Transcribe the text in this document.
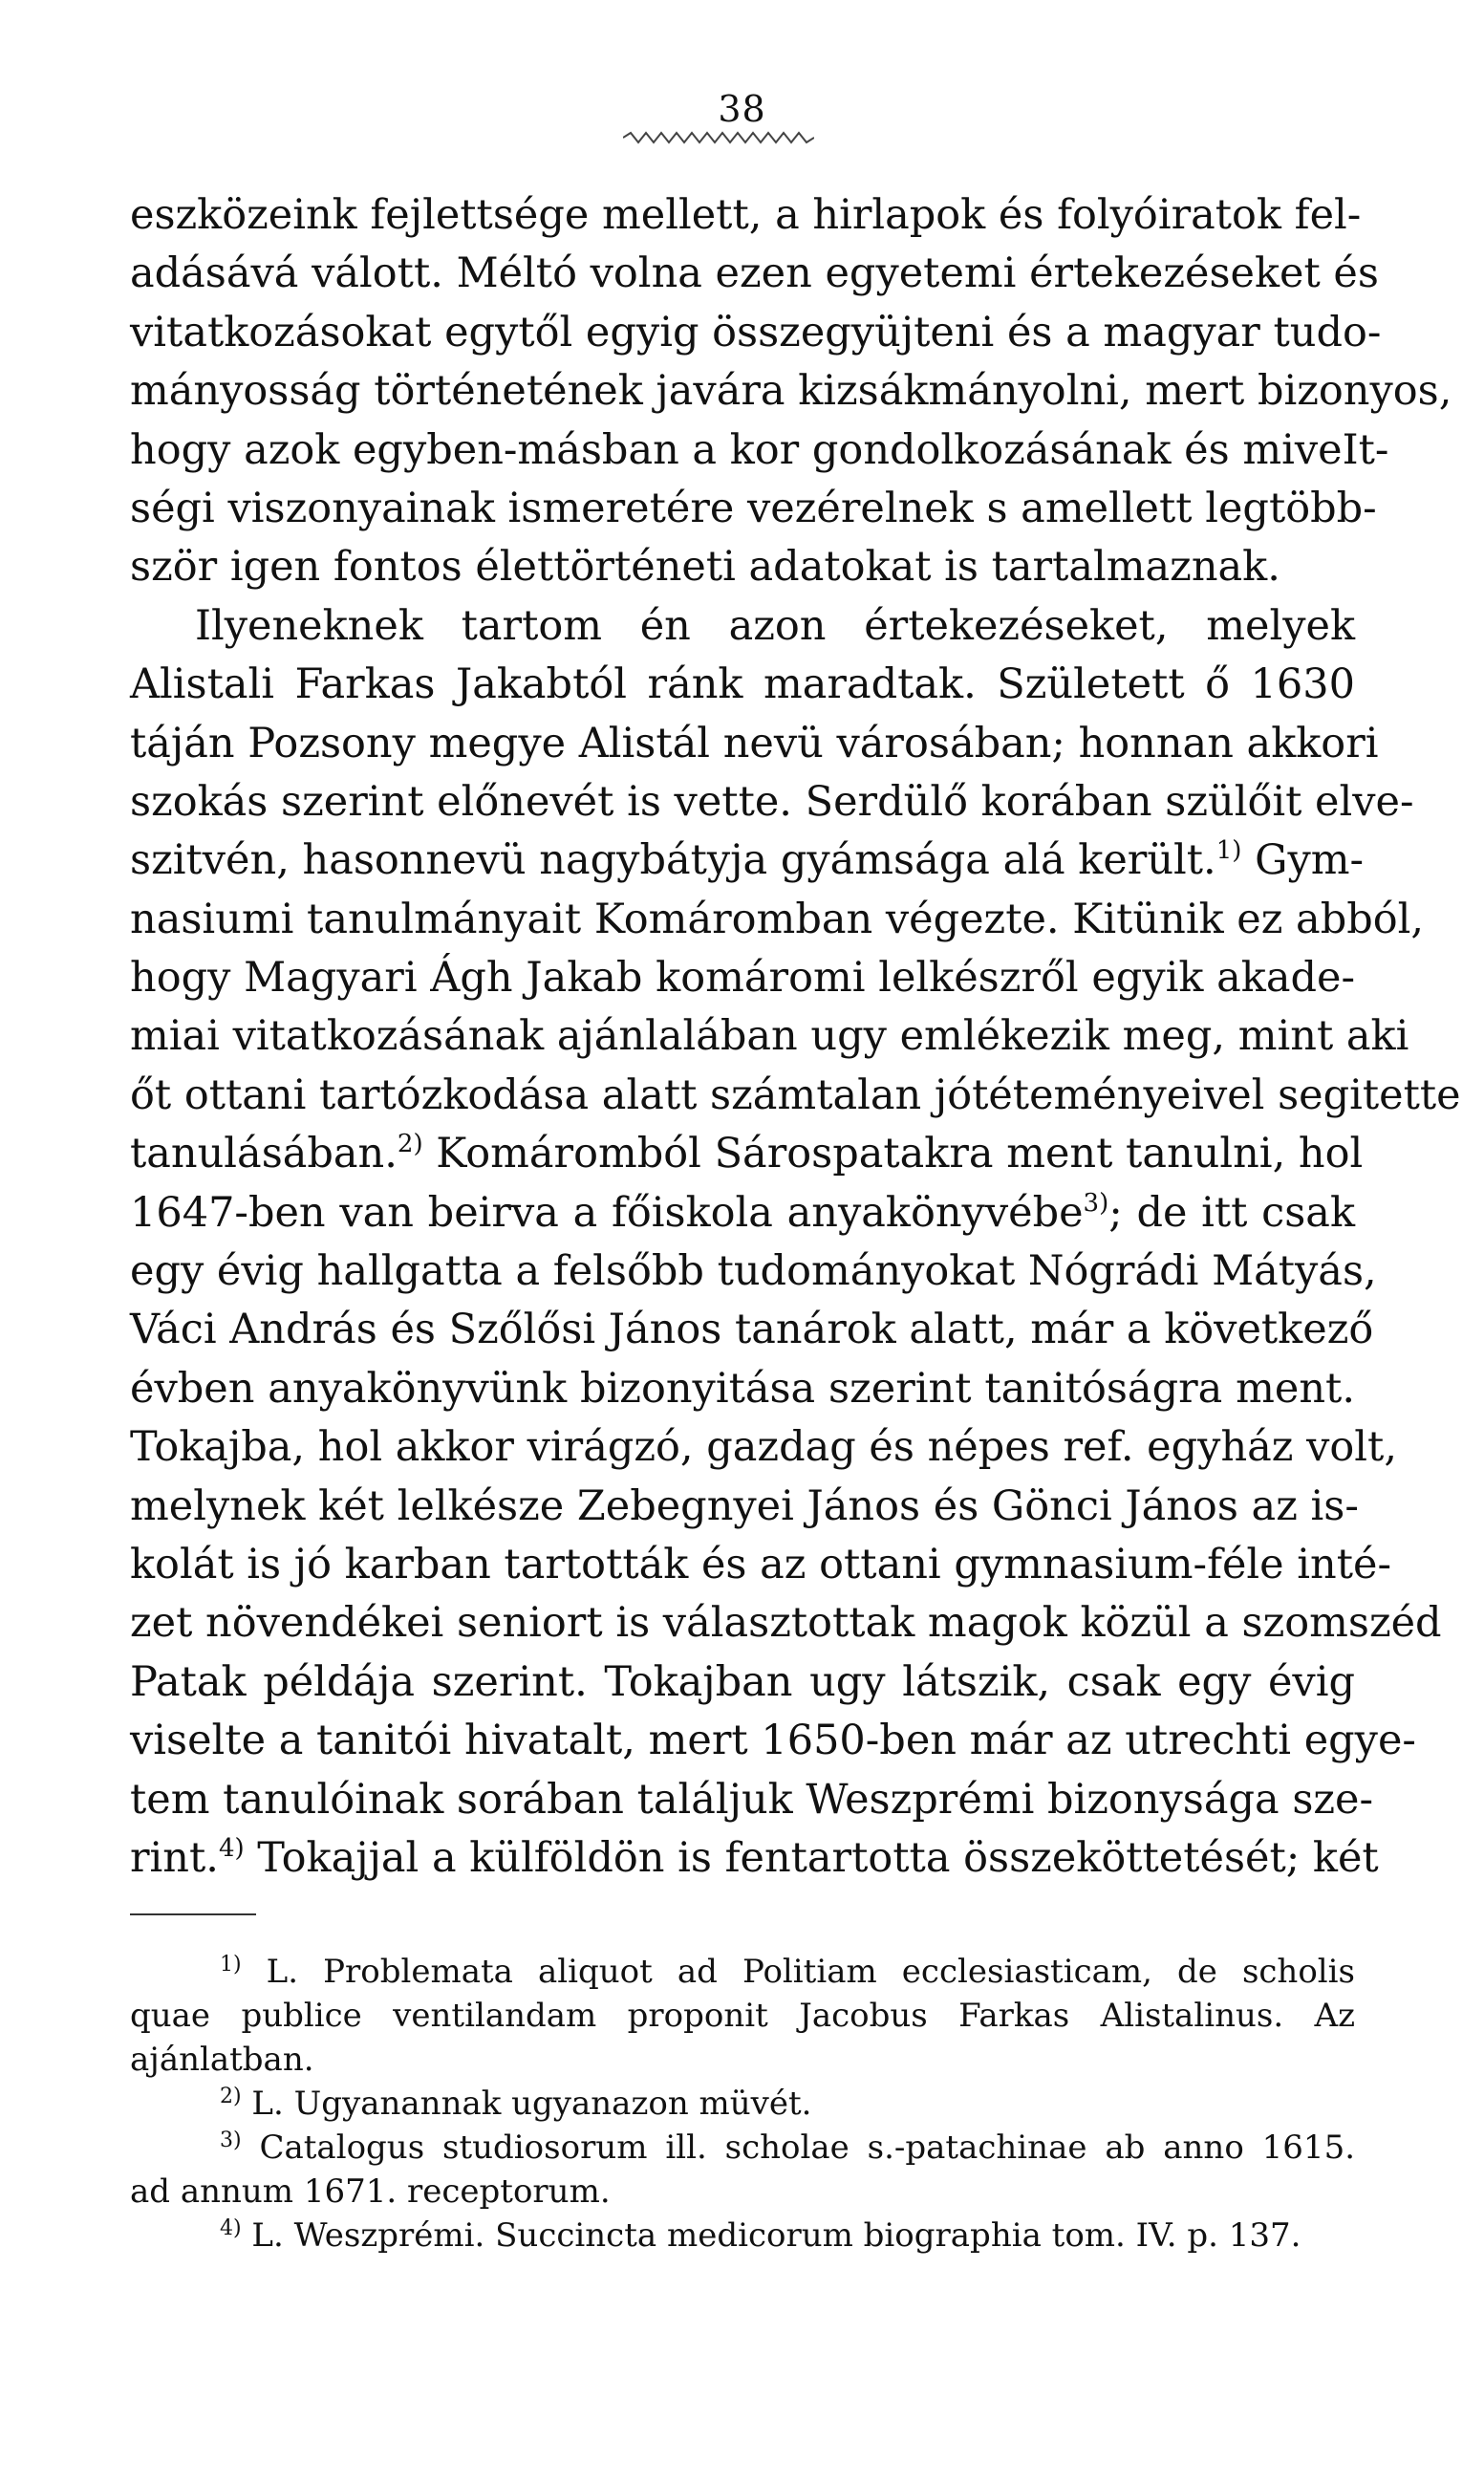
38
eszközeink fejlettsége mellett, a hirlapok és folyóiratok fel-
adásává válott. Méltó volna ezen egyetemi értekezéseket és
vitatkozásokat egytől egyig összegyüjteni és a magyar tudo-
mányosság történetének javára kizsákmányolni, mert bizonyos,
hogy azok egyben-másban a kor gondolkozásának és miveIt-
ségi viszonyainak ismeretére vezérelnek s amellett legtöbb-
ször igen fontos élettörténeti adatokat is tartalmaznak.
Ilyeneknek tartom én azon értekezéseket, melyek
Alistali Farkas Jakabtól ránk maradtak. Született ő 1630
táján Pozsony megye Alistál nevü városában; honnan akkori
szokás szerint előnevét is vette. Serdülő korában szülőit elve-
szitvén, hasonnevü nagybátyja gyámsága alá került.$^{1)}$ Gym-
nasiumi tanulmányait Komáromban végezte. Kitünik ez abból,
hogy Magyari Ágh Jakab komáromi lelkészről egyik akade-
miai vitatkozásának ajánlalában ugy emlékezik meg, mint aki
őt ottani tartózkodása alatt számtalan jótéteményeivel segitette
tanulásában.$^{2)}$ Komáromból Sárospatakra ment tanulni, hol
1647-ben van beirva a főiskola anyakönyvébe$^{3)}$; de itt csak
egy évig hallgatta a felsőbb tudományokat Nógrádi Mátyás,
Váci András és Szőlősi János tanárok alatt, már a következő
évben anyakönyvünk bizonyitása szerint tanitóságra ment.
Tokajba, hol akkor virágzó, gazdag és népes ref. egyház volt,
melynek két lelkésze Zebegnyei János és Gönci János az is-
kolát is jó karban tartották és az ottani gymnasium-féle inté-
zet növendékei seniort is választottak magok közül a szomszéd
Patak példája szerint. Tokajban ugy látszik, csak egy évig
viselte a tanitói hivatalt, mert 1650-ben már az utrechti egye-
tem tanulóinak sorában találjuk Weszprémi bizonysága sze-
rint.$^{4)}$ Tokajjal a külföldön is fentartotta összeköttetését; két
$^{1)}$ L. Problemata aliquot ad Politiam ecclesiasticam, de scholis
quae publice ventilandam proponit Jacobus Farkas Alistalinus. Az
ajánlatban.
$^{2)}$ L. Ugyanannak ugyanazon müvét.
$^{3)}$ Catalogus studiosorum ill. scholae s.-patachinae ab anno 1615.
ad annum 1671. receptorum.
$^{4)}$ L. Weszprémi. Succincta medicorum biographia tom. IV. p. 137.
